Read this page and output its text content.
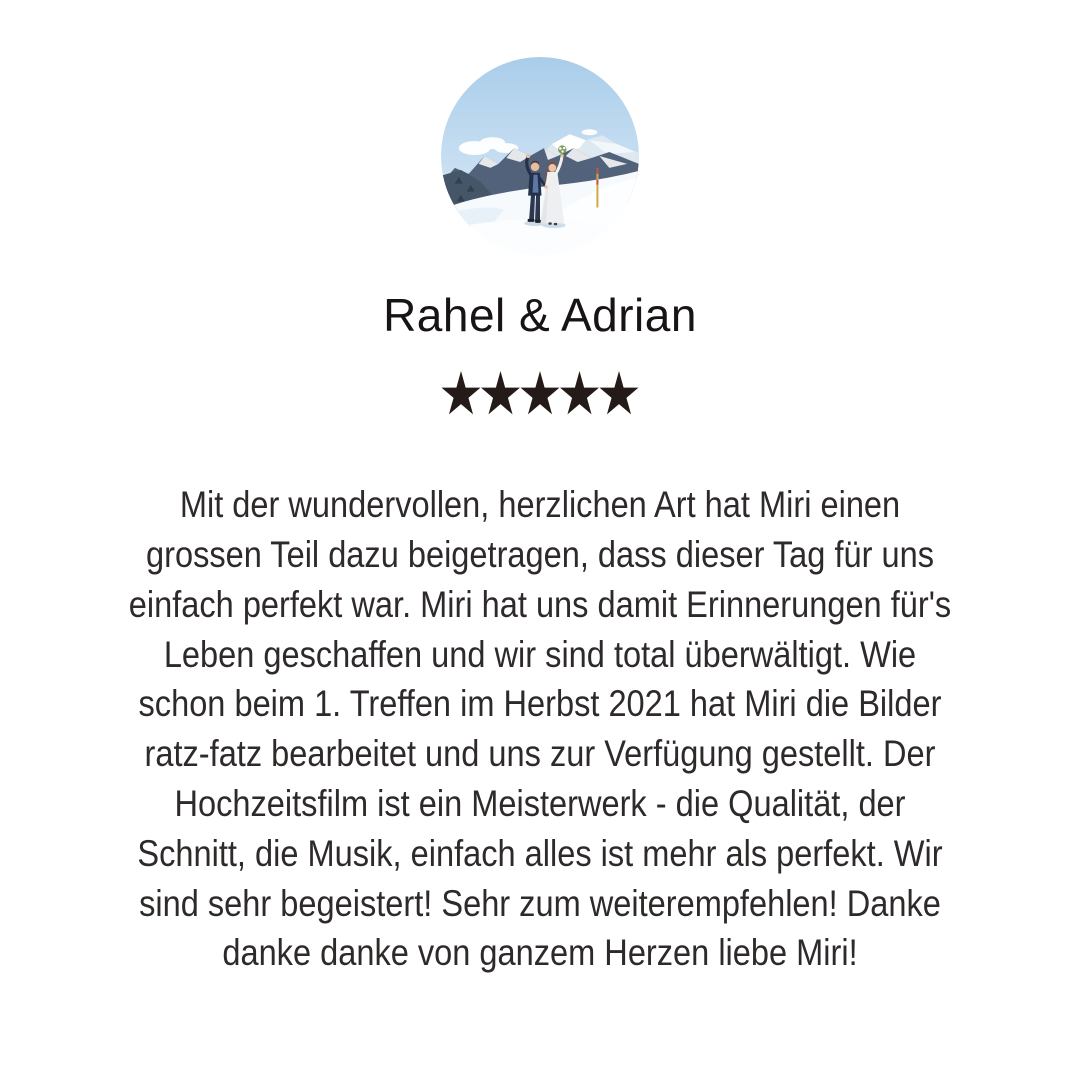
Rahel & Adrian
Mit der wundervollen, herzlichen Art hat Miri einen
grossen Teil dazu beigetragen, dass dieser Tag für uns
einfach perfekt war. Miri hat uns damit Erinnerungen für's
Leben geschaffen und wir sind total überwältigt. Wie
schon beim 1. Treffen im Herbst 2021 hat Miri die Bilder
ratz-fatz bearbeitet und uns zur Verfügung gestellt. Der
Hochzeitsfilm ist ein Meisterwerk - die Qualität, der
Schnitt, die Musik, einfach alles ist mehr als perfekt. Wir
sind sehr begeistert! Sehr zum weiterempfehlen! Danke
danke danke von ganzem Herzen liebe Miri!
